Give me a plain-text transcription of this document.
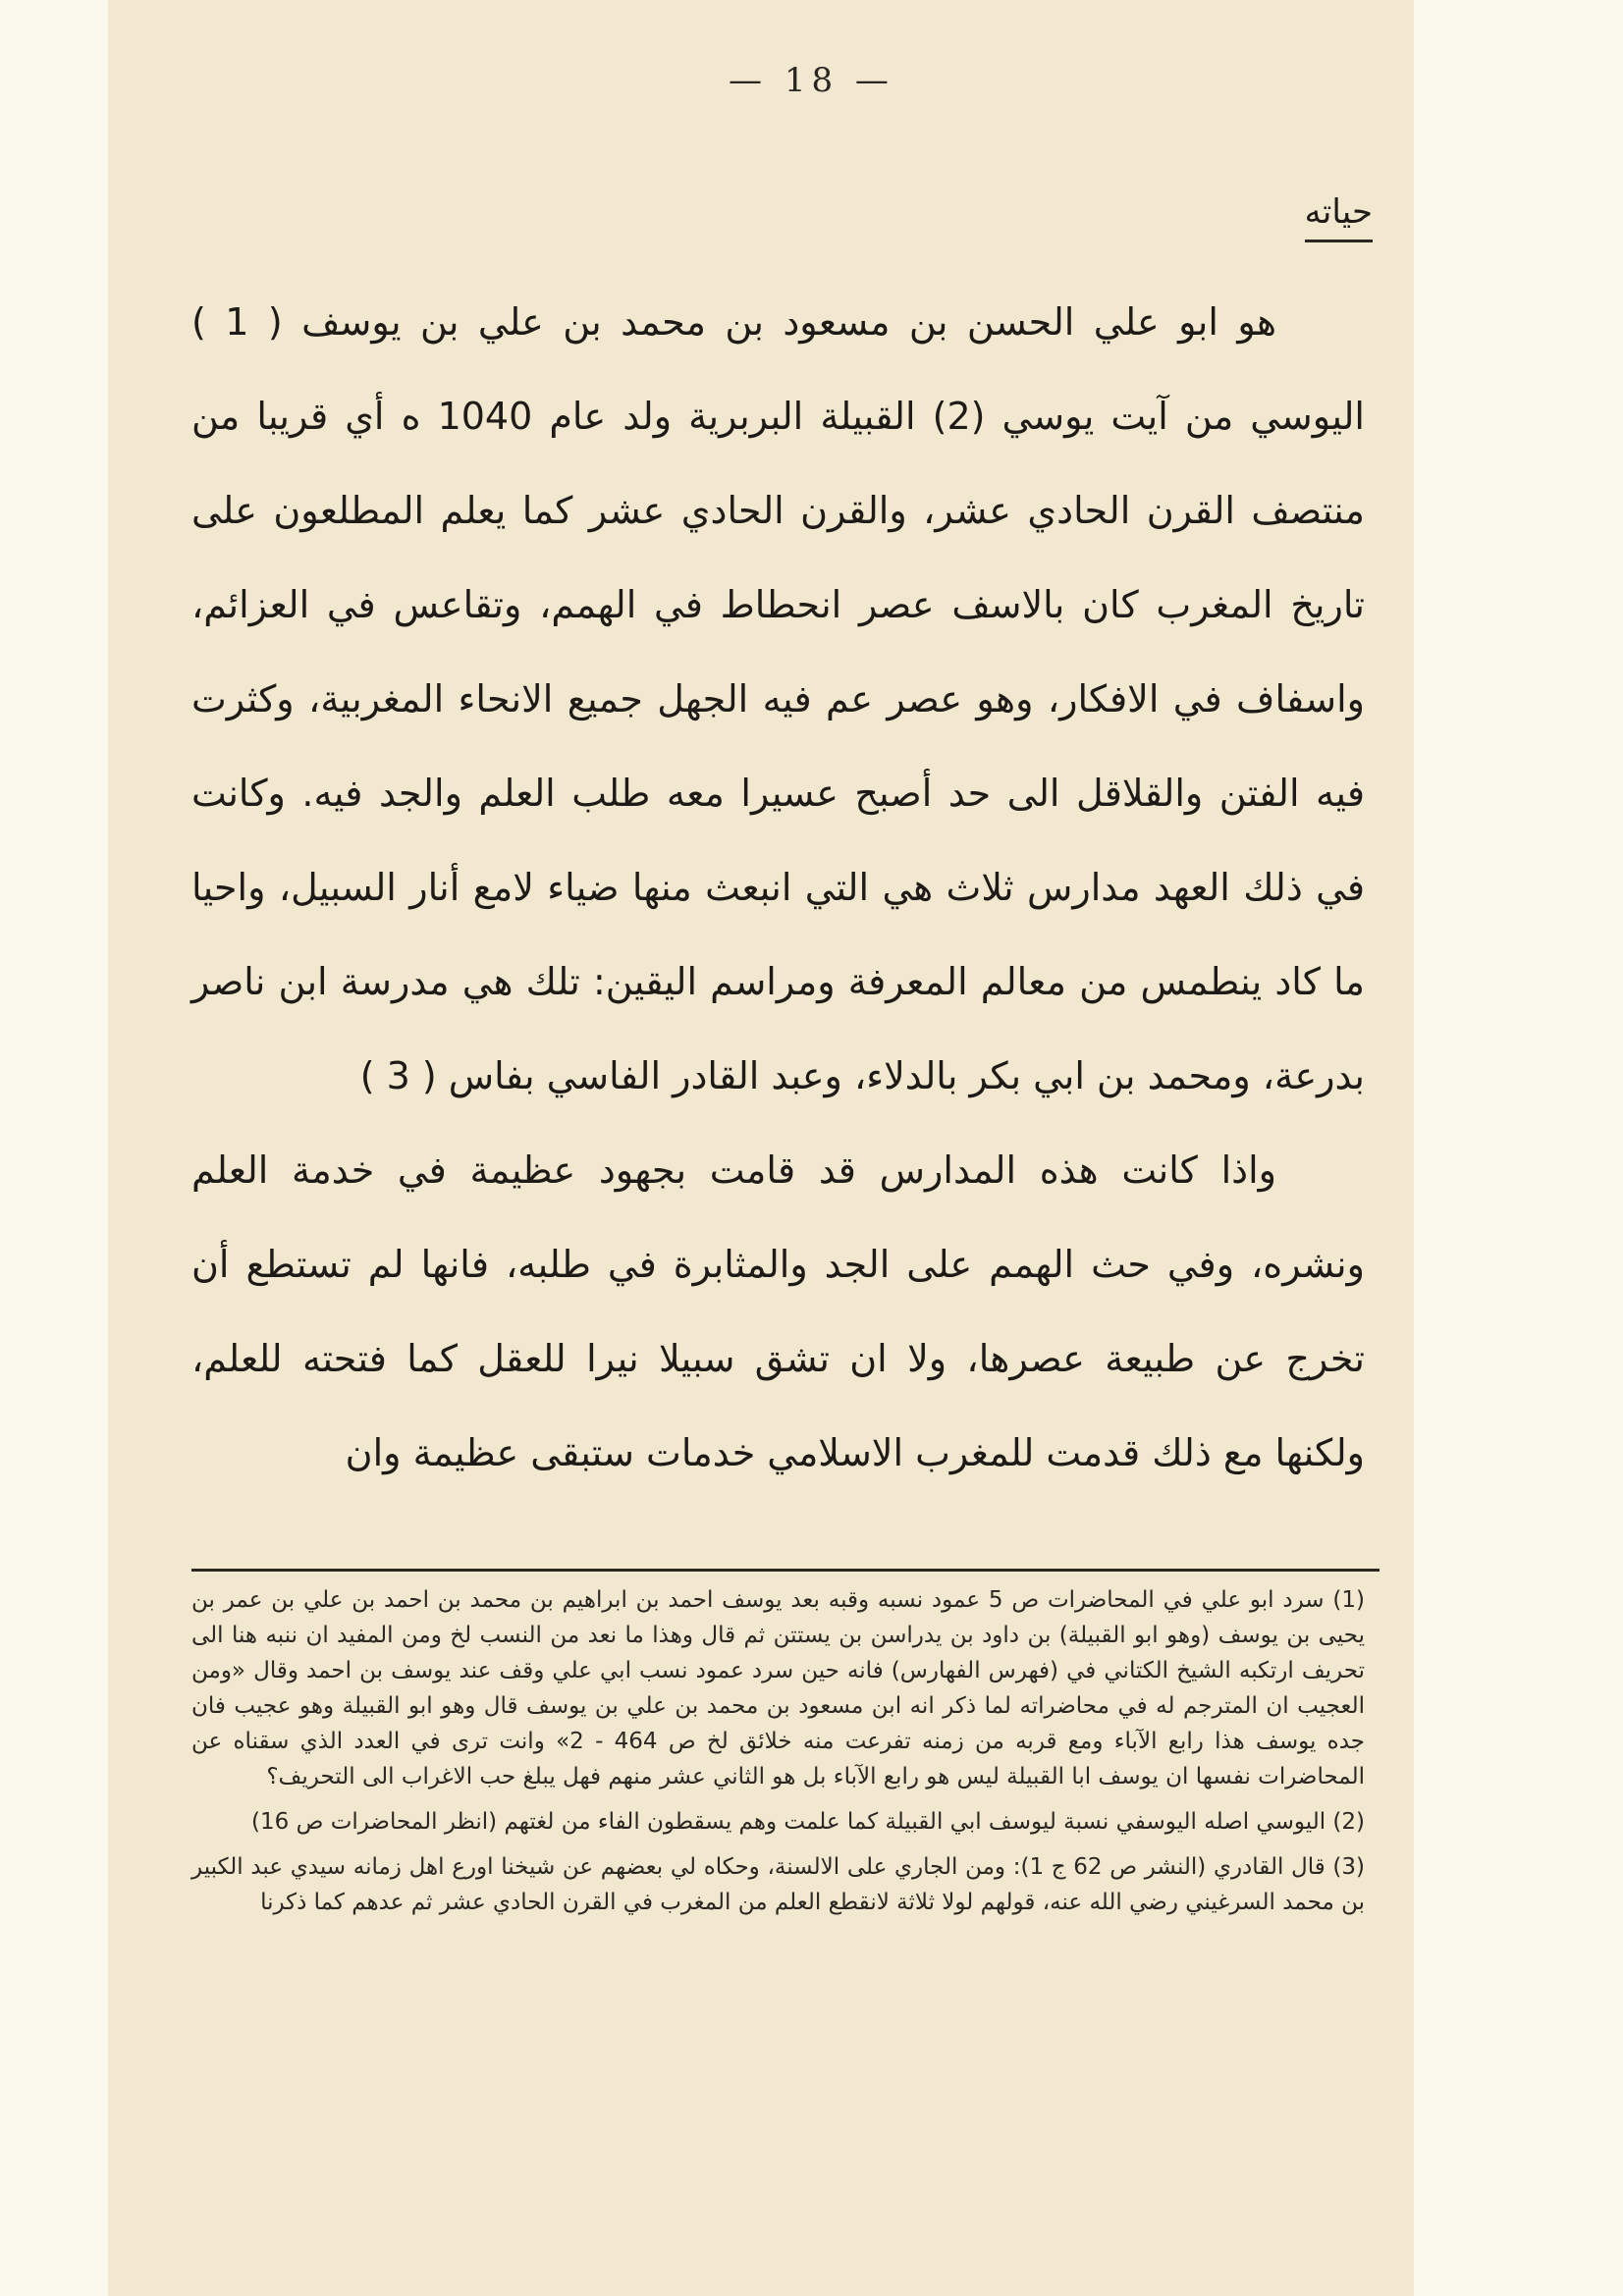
— 18 —
حياته

هو ابو علي الحسن بن مسعود بن محمد بن علي بن يوسف ( 1 ) اليوسي من آيت يوسي (2) القبيلة البربرية ولد عام 1040 ه أي قريبا من منتصف القرن الحادي عشر، والقرن الحادي عشر كما يعلم المطلعون على تاريخ المغرب كان بالاسف عصر انحطاط في الهمم، وتقاعس في العزائم، واسفاف في الافكار، وهو عصر عم فيه الجهل جميع الانحاء المغربية، وكثرت فيه الفتن والقلاقل الى حد أصبح عسيرا معه طلب العلم والجد فيه. وكانت في ذلك العهد مدارس ثلاث هي التي انبعث منها ضياء لامع أنار السبيل، واحيا ما كاد ينطمس من معالم المعرفة ومراسم اليقين: تلك هي مدرسة ابن ناصر بدرعة، ومحمد بن ابي بكر بالدلاء، وعبد القادر الفاسي بفاس ( 3 )

واذا كانت هذه المدارس قد قامت بجهود عظيمة في خدمة العلم ونشره، وفي حث الهمم على الجد والمثابرة في طلبه، فانها لم تستطع أن تخرج عن طبيعة عصرها، ولا ان تشق سبيلا نيرا للعقل كما فتحته للعلم، ولكنها مع ذلك قدمت للمغرب الاسلامي خدمات ستبقى عظيمة وان

(1) سرد ابو علي في المحاضرات ص 5 عمود نسبه وقبه بعد يوسف احمد بن ابراهيم بن محمد بن احمد بن علي بن عمر بن يحيى بن يوسف (وهو ابو القبيلة) بن داود بن يدراسن بن يستتن ثم قال وهذا ما نعد من النسب لخ ومن المفيد ان ننبه هنا الى تحريف ارتكبه الشيخ الكتاني في (فهرس الفهارس) فانه حين سرد عمود نسب ابي علي وقف عند يوسف بن احمد وقال «ومن العجيب ان المترجم له في محاضراته لما ذكر انه ابن مسعود بن محمد بن علي بن يوسف قال وهو ابو القبيلة وهو عجيب فان جده يوسف هذا رابع الآباء ومع قربه من زمنه تفرعت منه خلائق لخ ص 464 - 2» وانت ترى في العدد الذي سقناه عن المحاضرات نفسها ان يوسف ابا القبيلة ليس هو رابع الآباء بل هو الثاني عشر منهم فهل يبلغ حب الاغراب الى التحريف؟

(2) اليوسي اصله اليوسفي نسبة ليوسف ابي القبيلة كما علمت وهم يسقطون الفاء من لغتهم (انظر المحاضرات ص 16)

(3) قال القادري (النشر ص 62 ج 1): ومن الجاري على الالسنة، وحكاه لي بعضهم عن شيخنا اورع اهل زمانه سيدي عبد الكبير بن محمد السرغيني رضي الله عنه، قولهم لولا ثلاثة لانقطع العلم من المغرب في القرن الحادي عشر ثم عدهم كما ذكرنا
